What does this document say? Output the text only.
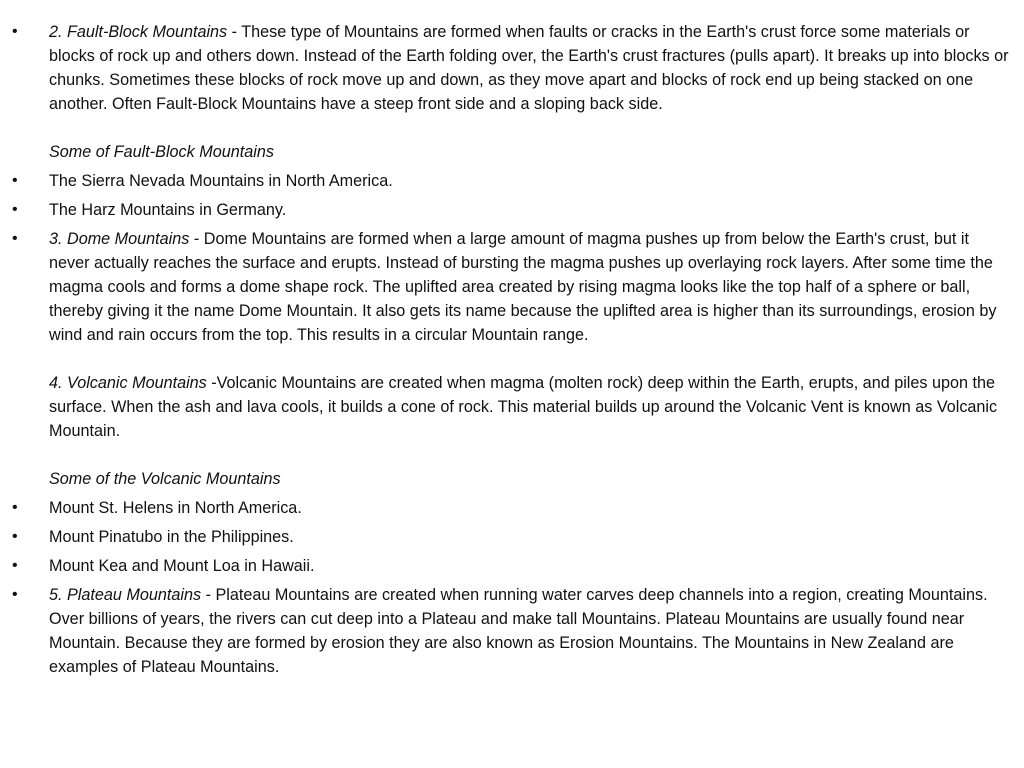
•	2. Fault-Block Mountains - These type of Mountains are formed when faults or cracks in the Earth's crust force some materials or blocks of rock up and others down. Instead of the Earth folding over, the Earth's crust fractures (pulls apart). It breaks up into blocks or chunks. Sometimes these blocks of rock move up and down, as they move apart and blocks of rock end up being stacked on one another. Often Fault-Block Mountains have a steep front side and a sloping back side.
Some of Fault-Block Mountains
•	The Sierra Nevada Mountains in North America.
•	The Harz Mountains in Germany.
•	3. Dome Mountains - Dome Mountains are formed when a large amount of magma pushes up from below the Earth's crust, but it never actually reaches the surface and erupts. Instead of bursting the magma pushes up overlaying rock layers. After some time the magma cools and forms a dome shape rock. The uplifted area created by rising magma looks like the top half of a sphere or ball, thereby giving it the name Dome Mountain. It also gets its name because the uplifted area is higher than its surroundings, erosion by wind and rain occurs from the top. This results in a circular Mountain range.
4. Volcanic Mountains -Volcanic Mountains are created when magma (molten rock) deep within the Earth, erupts, and piles upon the surface. When the ash and lava cools, it builds a cone of rock. This material builds up around the Volcanic Vent is known as Volcanic Mountain.
Some of the Volcanic Mountains
•	Mount St. Helens in North America.
•	Mount Pinatubo in the Philippines.
•	Mount Kea and Mount Loa in Hawaii.
•	5. Plateau Mountains - Plateau Mountains are created when running water carves deep channels into a region, creating Mountains. Over billions of years, the rivers can cut deep into a Plateau and make tall Mountains. Plateau Mountains are usually found near Mountain. Because they are formed by erosion they are also known as Erosion Mountains. The Mountains in New Zealand are examples of Plateau Mountains.
